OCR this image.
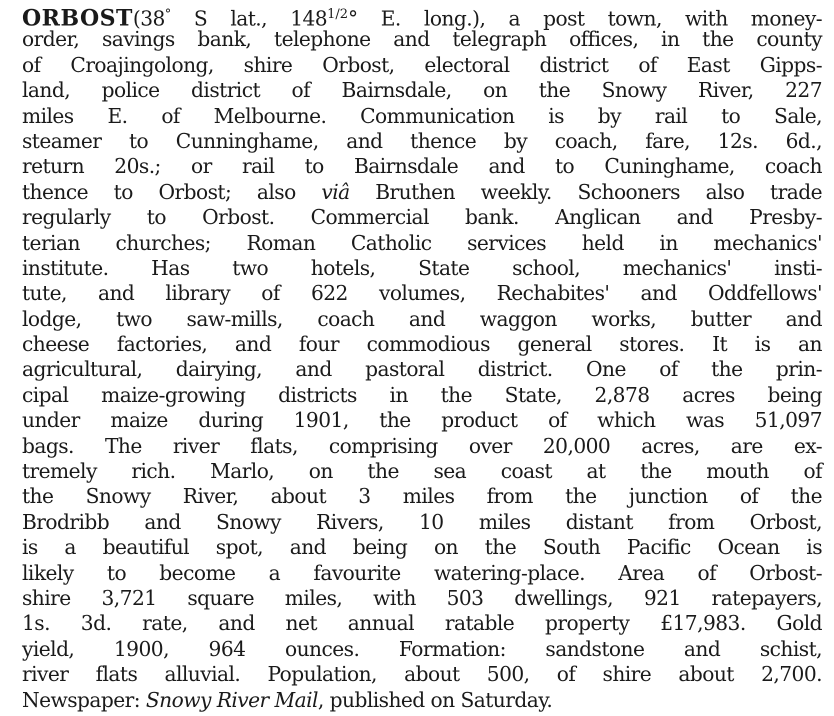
ORBOST(38° S lat., $148^{1/2}^\circ$ E. long.), a post town, with money-
order, savings bank, telephone and telegraph offices, in the county
of Croajingolong, shire Orbost, electoral district of East Gipps-
land, police district of Bairnsdale, on the Snowy River, 227
miles E. of Melbourne. Communication is by rail to Sale,
steamer to Cunninghame, and thence by coach, fare, 12s. 6d.,
return 20s.; or rail to Bairnsdale and to Cuninghame, coach
thence to Orbost; also viâ Bruthen weekly. Schooners also trade
regularly to Orbost. Commercial bank. Anglican and Presby-
terian churches; Roman Catholic services held in mechanics'
institute. Has two hotels, State school, mechanics' insti-
tute, and library of 622 volumes, Rechabites' and Oddfellows'
lodge, two saw-mills, coach and waggon works, butter and
cheese factories, and four commodious general stores. It is an
agricultural, dairying, and pastoral district. One of the prin-
cipal maize-growing districts in the State, 2,878 acres being
under maize during 1901, the product of which was 51,097
bags. The river flats, comprising over 20,000 acres, are ex-
tremely rich. Marlo, on the sea coast at the mouth of
the Snowy River, about 3 miles from the junction of the
Brodribb and Snowy Rivers, 10 miles distant from Orbost,
is a beautiful spot, and being on the South Pacific Ocean is
likely to become a favourite watering-place. Area of Orbost-
shire 3,721 square miles, with 503 dwellings, 921 ratepayers,
1s. 3d. rate, and net annual ratable property £17,983. Gold
yield, 1900, 964 ounces. Formation: sandstone and schist,
river flats alluvial. Population, about 500, of shire about 2,700.
Newspaper: Snowy River Mail, published on Saturday.
